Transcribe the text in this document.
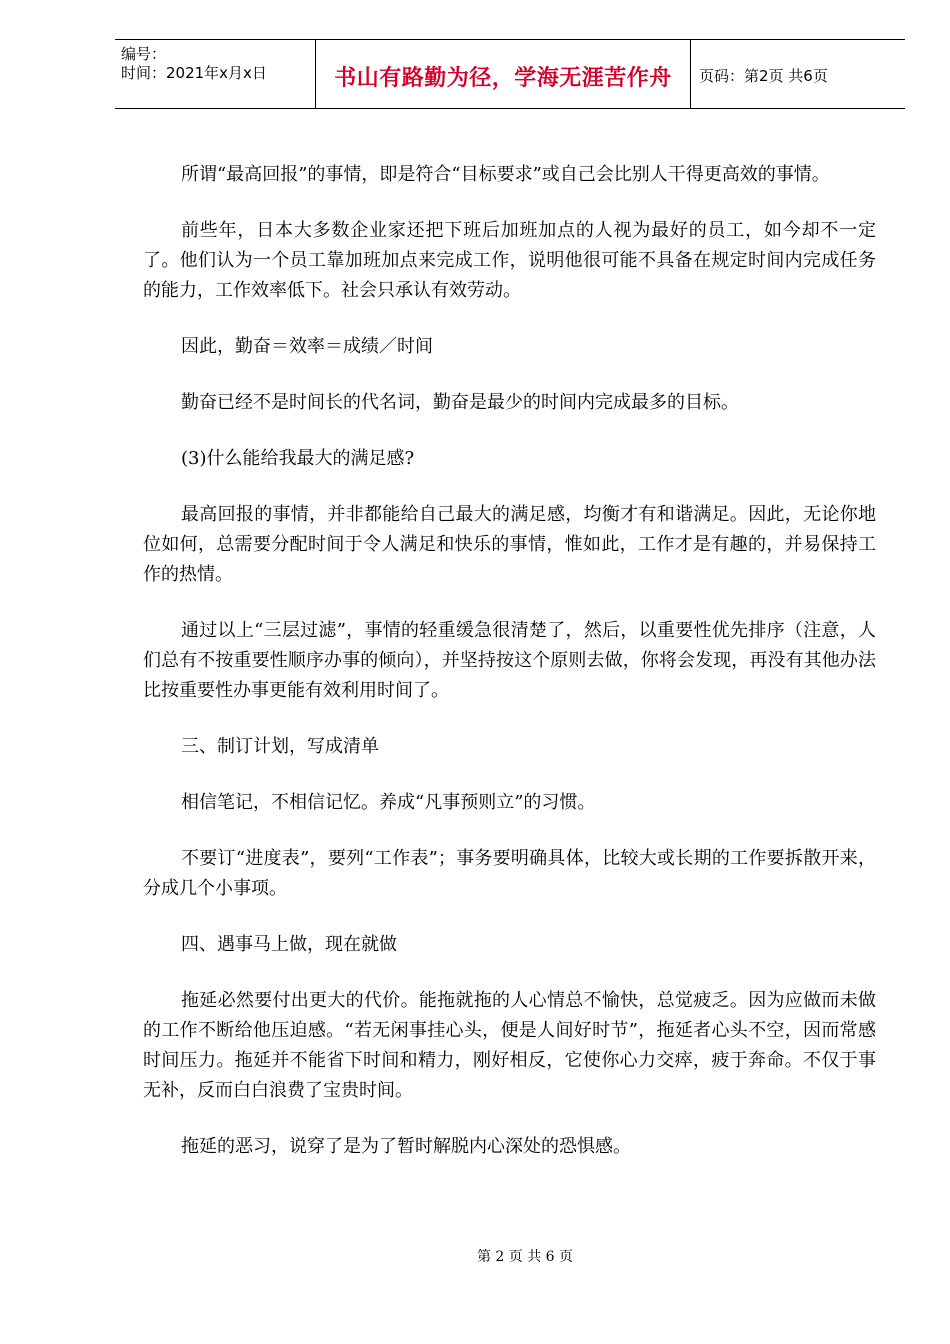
编号：
时间：2021年x月x日	书山有路勤为径，学海无涯苦作舟	页码：第2页 共6页

所谓“最高回报”的事情，即是符合“目标要求”或自己会比别人干得更高效的事情。

前些年，日本大多数企业家还把下班后加班加点的人视为最好的员工，如今却不一定了。他们认为一个员工靠加班加点来完成工作，说明他很可能不具备在规定时间内完成任务的能力，工作效率低下。社会只承认有效劳动。

因此，勤奋＝效率＝成绩／时间

勤奋已经不是时间长的代名词，勤奋是最少的时间内完成最多的目标。

(3)什么能给我最大的满足感?

最高回报的事情，并非都能给自己最大的满足感，均衡才有和谐满足。因此，无论你地位如何，总需要分配时间于令人满足和快乐的事情，惟如此，工作才是有趣的，并易保持工作的热情。

通过以上“三层过滤”，事情的轻重缓急很清楚了，然后，以重要性优先排序（注意，人们总有不按重要性顺序办事的倾向），并坚持按这个原则去做，你将会发现，再没有其他办法比按重要性办事更能有效利用时间了。

三、制订计划，写成清单

相信笔记，不相信记忆。养成“凡事预则立”的习惯。

不要订“进度表”，要列“工作表”；事务要明确具体，比较大或长期的工作要拆散开来，分成几个小事项。

四、遇事马上做，现在就做

拖延必然要付出更大的代价。能拖就拖的人心情总不愉快，总觉疲乏。因为应做而未做的工作不断给他压迫感。“若无闲事挂心头，便是人间好时节”，拖延者心头不空，因而常感时间压力。拖延并不能省下时间和精力，刚好相反，它使你心力交瘁，疲于奔命。不仅于事无补，反而白白浪费了宝贵时间。

拖延的恶习，说穿了是为了暂时解脱内心深处的恐惧感。

第 2 页 共 6 页
